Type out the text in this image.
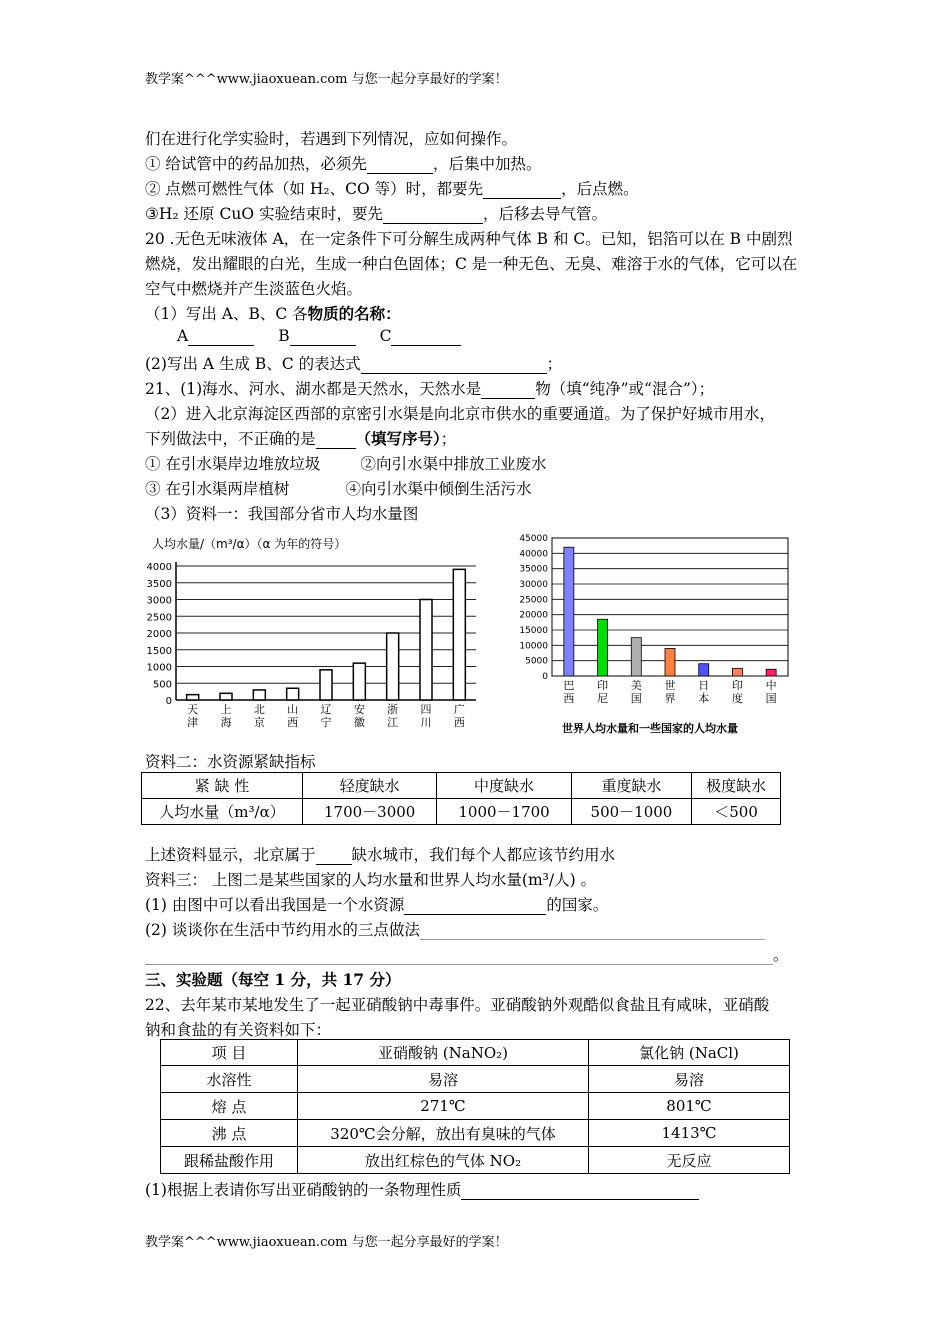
教学案^^^www.jiaoxuean.com 与您一起分享最好的学案！
们在进行化学实验时，若遇到下列情况，应如何操作。
① 给试管中的药品加热，必须先	，后集中加热。
② 点燃可燃性气体（如 H₂、CO 等）时，都要先	，后点燃。
③H₂ 还原 CuO 实验结束时，要先	，后移去导气管。
20 .无色无味液体 A，在一定条件下可分解生成两种气体 B 和 C。已知，铝箔可以在 B 中剧烈
燃烧，发出耀眼的白光，生成一种白色固体；C 是一种无色、无臭、难溶于水的气体，它可以在
空气中燃烧并产生淡蓝色火焰。
（1）写出 A、B、C 各物质的名称：
A	B	C
(2)写出 A 生成 B、C 的表达式	；
21、(1)海水、河水、湖水都是天然水，天然水是	物（填“纯净”或“混合”）；
（2）进入北京海淀区西部的京密引水渠是向北京市供水的重要通道。为了保护好城市用水，
下列做法中，不正确的是	（填写序号）；
① 在引水渠岸边堆放垃圾	②向引水渠中排放工业废水
③ 在引水渠两岸植树	④向引水渠中倾倒生活污水
（3）资料一：我国部分省市人均水量图
人均水量/（m³/α）（α 为年的符号）
0
500
1000
1500
2000
2500
3000
3500
4000
天
津
上
海
北
京
山
西
辽
宁
安
徽
浙
江
四
川
广
西
0
5000
10000
15000
20000
25000
30000
35000
40000
45000
巴
西
印
尼
美
国
世
界
日
本
印
度
中
国
世界人均水量和一些国家的人均水量
资料二：水资源紧缺指标
紧 缺 性	轻度缺水	中度缺水	重度缺水	极度缺水
人均水量（m³/α）	1700－3000	1000－1700	500－1000	＜500
上述资料显示，北京属于 缺水城市，我们每个人都应该节约用水
资料三： 上图二是某些国家的人均水量和世界人均水量(m³/人) 。
(1) 由图中可以看出我国是一个水资源	的国家。
(2) 谈谈你在生活中节约用水的三点做法
。
三、实验题（每空 1 分，共 17 分）
22、去年某市某地发生了一起亚硝酸钠中毒事件。亚硝酸钠外观酷似食盐且有咸味，亚硝酸
钠和食盐的有关资料如下：
项 目	亚硝酸钠 (NaNO₂)	氯化钠 (NaCl)
水溶性	易溶	易溶
熔 点	271℃	801℃
沸 点	320℃会分解，放出有臭味的气体	1413℃
跟稀盐酸作用	放出红棕色的气体 NO₂	无反应
(1)根据上表请你写出亚硝酸钠的一条物理性质
教学案^^^www.jiaoxuean.com 与您一起分享最好的学案！
